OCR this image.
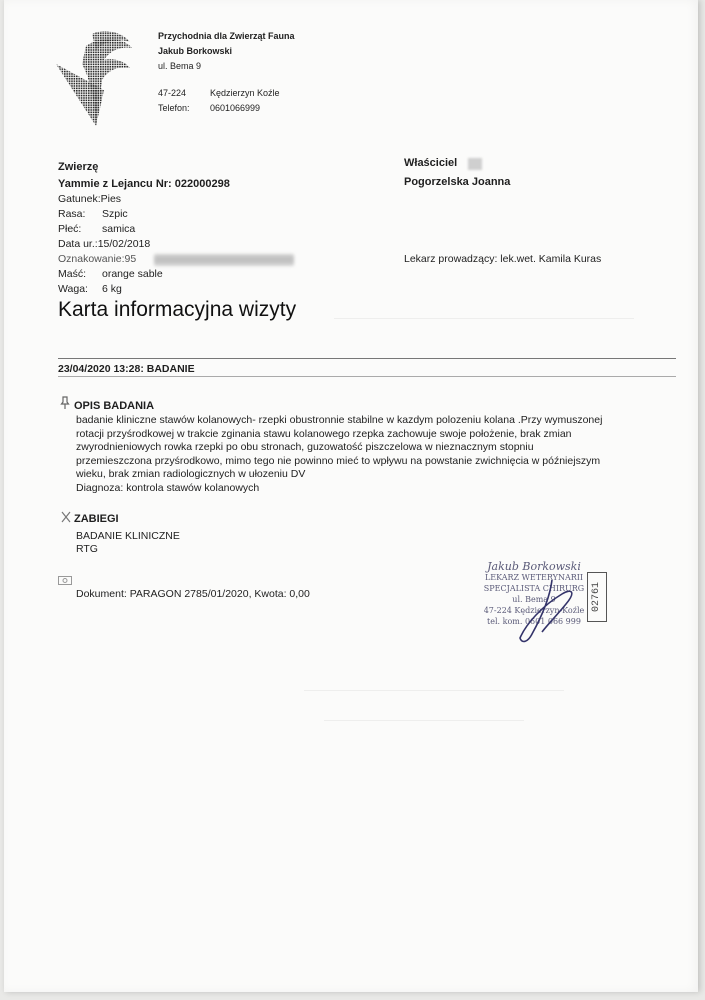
Przychodnia dla Zwierząt Fauna
Jakub Borkowski
ul. Bema 9
47-224	Kędzierzyn Koźle
Telefon: 0601066999
Zwierzę
Yammie z Lejancu Nr: 022000298
Gatunek:Pies
Rasa: Szpic
Płeć: samica
Data ur.:15/02/2018
Oznakowanie:95
Maść: orange sable
Waga: 6 kg
Właściciel
Pogorzelska Joanna
Lekarz prowadzący: lek.wet. Kamila Kuras
Karta informacyjna wizyty
23/04/2020 13:28: BADANIE
OPIS BADANIA

badanie kliniczne stawów kolanowych- rzepki obustronnie stabilne w kazdym polozeniu kolana .Przy wymuszonej

rotacji przyśrodkowej w trakcie zginania stawu kolanowego rzepka zachowuje swoje położenie, brak zmian

zwyrodnieniowych rowka rzepki po obu stronach, guzowatość piszczelowa w nieznacznym stopniu

przemieszczona przyśrodkowo, mimo tego nie powinno mieć to wpływu na powstanie zwichnięcia w późniejszym

wieku, brak zmian radiologicznych w ułozeniu DV

Diagnoza: kontrola stawów kolanowych

ZABIEGI
BADANIE KLINICZNE
RTG
Dokument: PARAGON 2785/01/2020, Kwota: 0,00
Jakub Borkowski
LEKARZ WETERYNARII
SPECJALISTA CHIRURG
ul. Bema 9
47-224 Kędzierzyn-Koźle
tel. kom. 0601 066 999
02761
